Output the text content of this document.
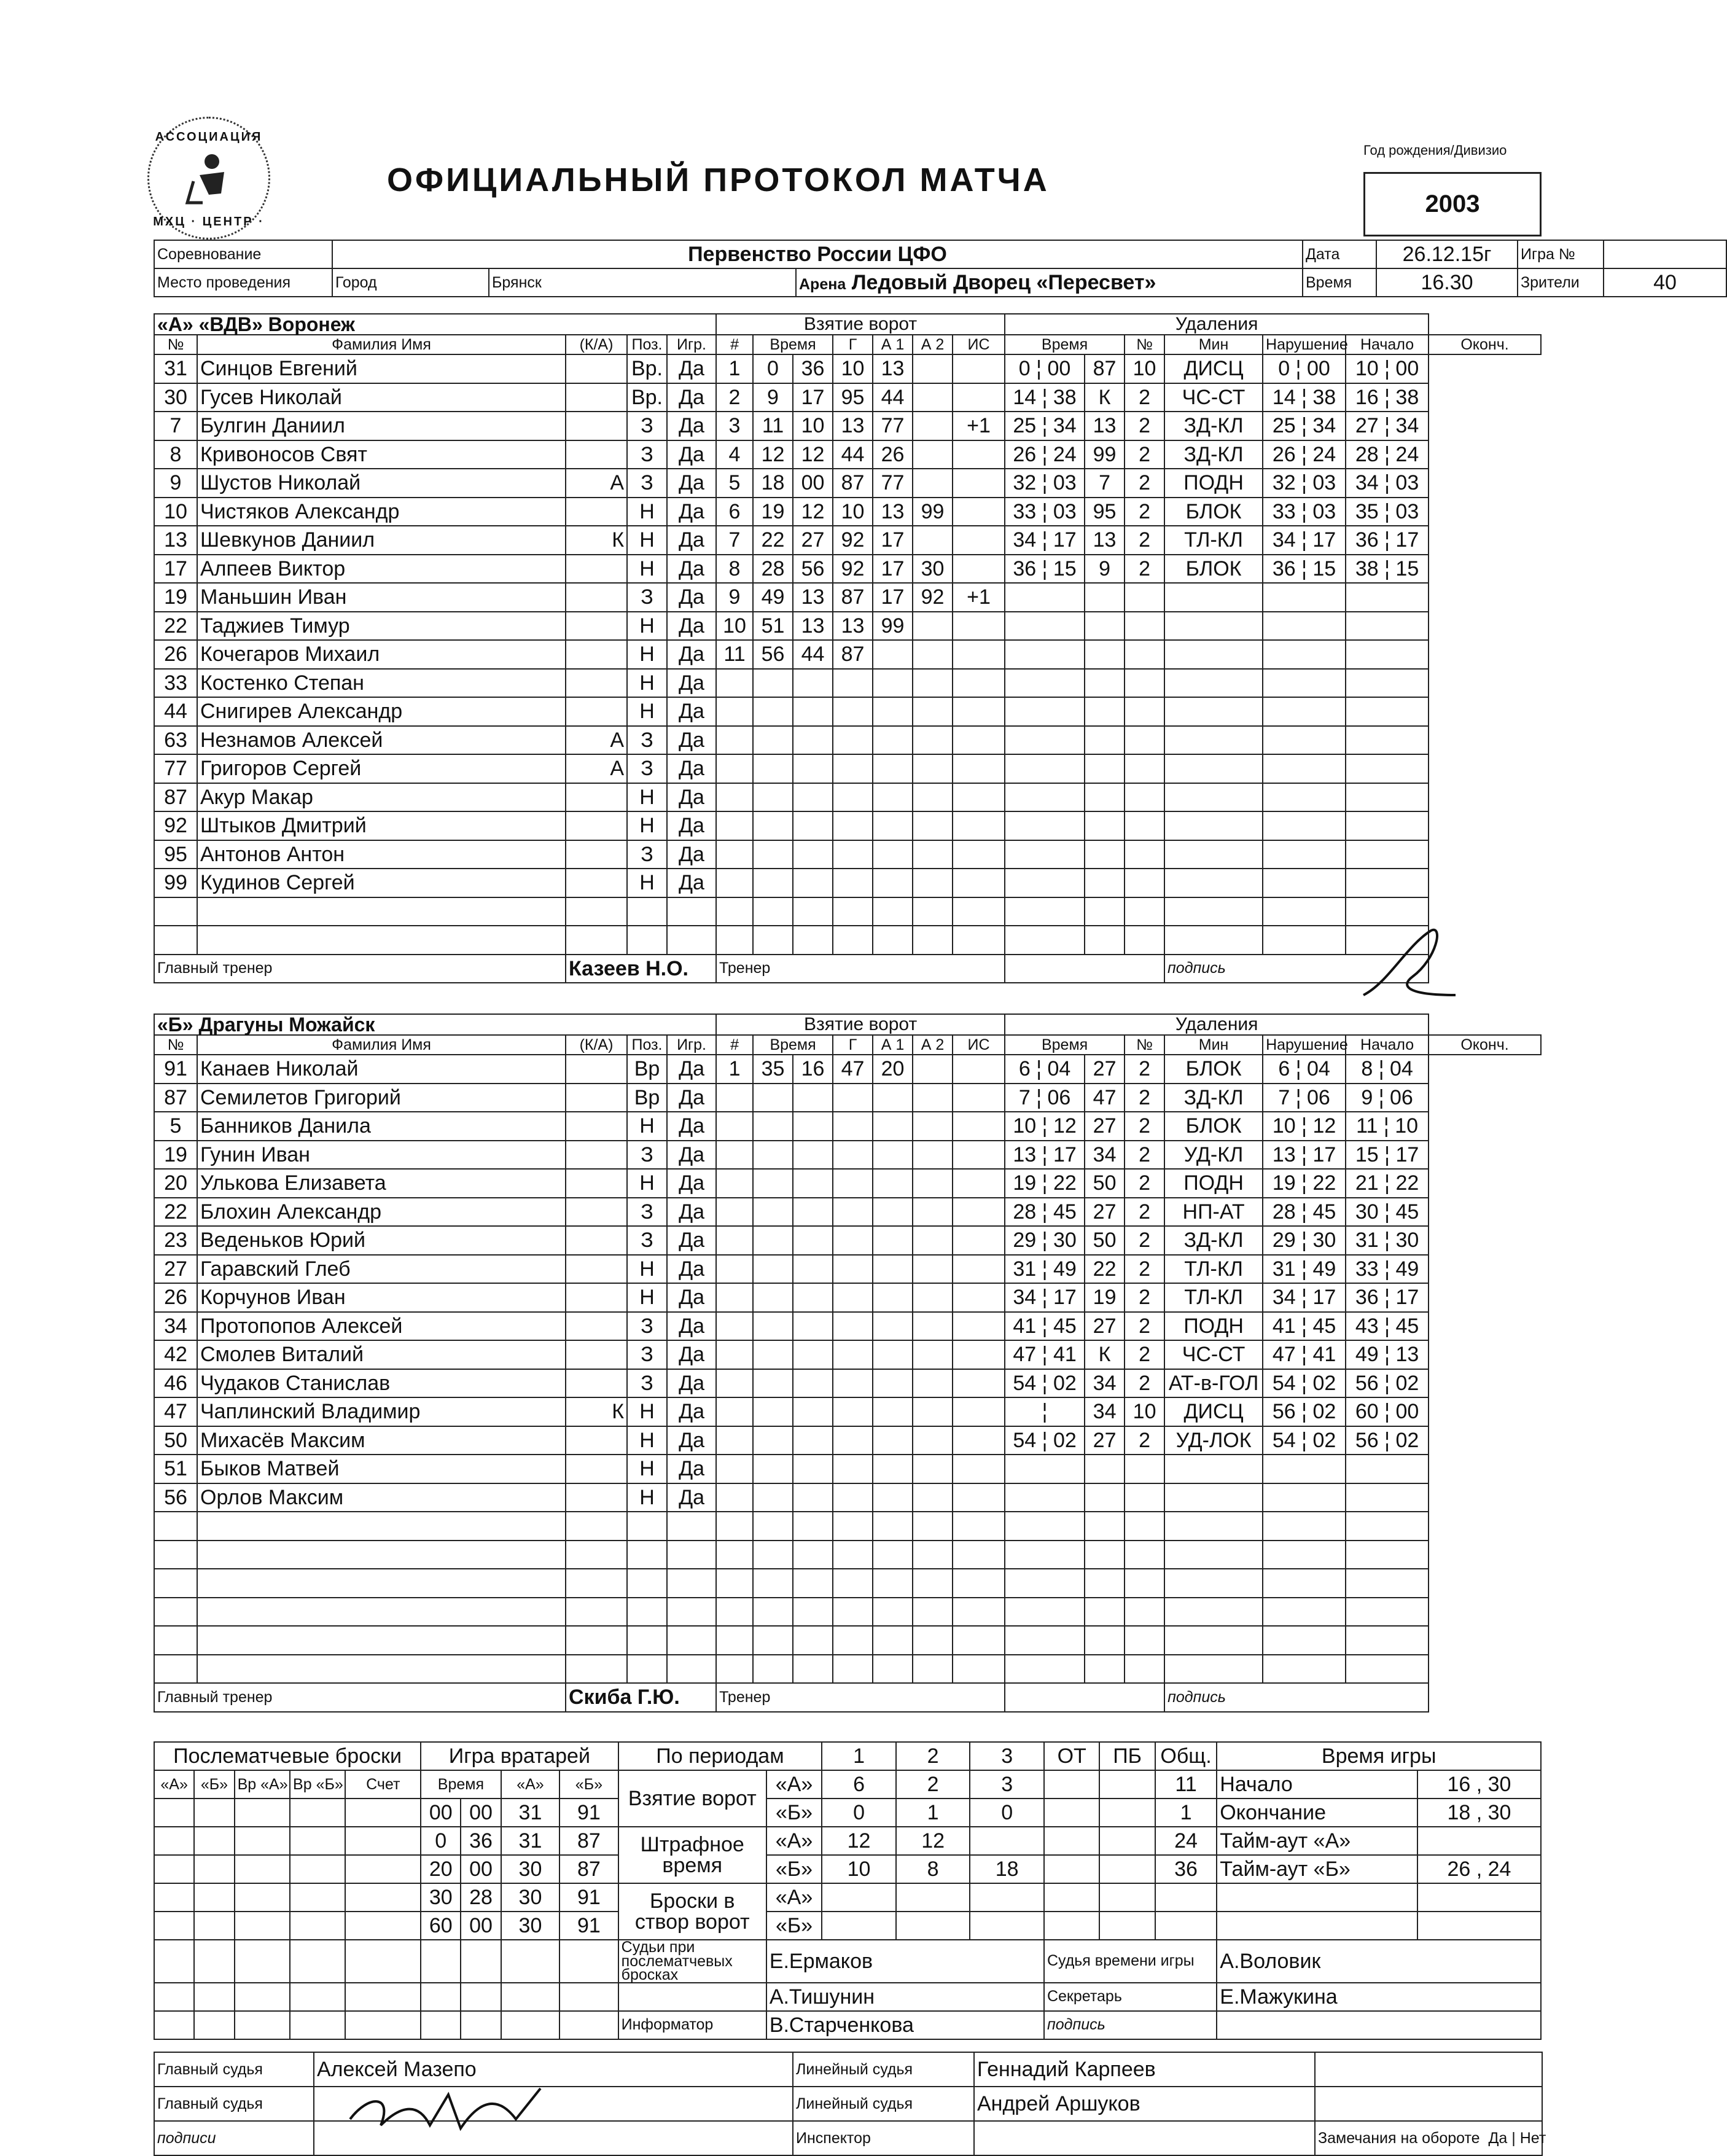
АССОЦИАЦИЯ
МХЦ · ЦЕНТР ·
ОФИЦИАЛЬНЫЙ ПРОТОКОЛ МАТЧА
Год рождения/Дивизио
2003
Соревнование	Первенство России ЦФО			Дата	26.12.15г	Игра №	
Место проведения	Город	Брянск	Арена Ледовый Дворец «Пересвет»	Время	16.30	Зрители	40
«А» «ВДВ» Воронеж					Взятие ворот							Удаления						
№	Фамилия Имя	(К/А)	Поз.	Игр.	#	Время		Г	А 1	А 2	ИС	Время		№	Мин	Нарушение	Начало	Оконч.
31	Синцов Евгений		Вр.	Да	1	0	36	10	13			0 ¦ 00	87	10	ДИСЦ	0 ¦ 00	10 ¦ 00	
30	Гусев Николай		Вр.	Да	2	9	17	95	44			14 ¦ 38	К	2	ЧС-СТ	14 ¦ 38	16 ¦ 38	
7	Булгин Даниил		З	Да	3	11	10	13	77		+1	25 ¦ 34	13	2	ЗД-КЛ	25 ¦ 34	27 ¦ 34	
8	Кривоносов Свят		З	Да	4	12	12	44	26			26 ¦ 24	99	2	ЗД-КЛ	26 ¦ 24	28 ¦ 24	
9	Шустов Николай	А	З	Да	5	18	00	87	77			32 ¦ 03	7	2	ПОДН	32 ¦ 03	34 ¦ 03	
10	Чистяков Александр		Н	Да	6	19	12	10	13	99		33 ¦ 03	95	2	БЛОК	33 ¦ 03	35 ¦ 03	
13	Шевкунов Даниил	К	Н	Да	7	22	27	92	17			34 ¦ 17	13	2	ТЛ-КЛ	34 ¦ 17	36 ¦ 17	
17	Алпеев Виктор		Н	Да	8	28	56	92	17	30		36 ¦ 15	9	2	БЛОК	36 ¦ 15	38 ¦ 15	
19	Маньшин Иван		З	Да	9	49	13	87	17	92	+1							
22	Таджиев Тимур		Н	Да	10	51	13	13	99									
26	Кочегаров Михаил		Н	Да	11	56	44	87										
33	Костенко Степан		Н	Да														
44	Снигирев Александр		Н	Да														
63	Незнамов Алексей	А	З	Да														
77	Григоров Сергей	А	З	Да														
87	Акур Макар		Н	Да														
92	Штыков Дмитрий		Н	Да														
95	Антонов Антон		З	Да														
99	Кудинов Сергей		Н	Да														

Главный тренер		Казеев Н.О.			Тренер										подпись			
«Б» Драгуны Можайск					Взятие ворот							Удаления						
№	Фамилия Имя	(К/А)	Поз.	Игр.	#	Время		Г	А 1	А 2	ИС	Время		№	Мин	Нарушение	Начало	Оконч.
91	Канаев Николай		Вр	Да	1	35	16	47	20			6 ¦ 04	27	2	БЛОК	6 ¦ 04	8 ¦ 04	
87	Семилетов Григорий		Вр	Да								7 ¦ 06	47	2	ЗД-КЛ	7 ¦ 06	9 ¦ 06	
5	Банников Данила		Н	Да								10 ¦ 12	27	2	БЛОК	10 ¦ 12	11 ¦ 10	
19	Гунин Иван		З	Да								13 ¦ 17	34	2	УД-КЛ	13 ¦ 17	15 ¦ 17	
20	Улькова Елизавета		Н	Да								19 ¦ 22	50	2	ПОДН	19 ¦ 22	21 ¦ 22	
22	Блохин Александр		З	Да								28 ¦ 45	27	2	НП-АТ	28 ¦ 45	30 ¦ 45	
23	Веденьков Юрий		З	Да								29 ¦ 30	50	2	ЗД-КЛ	29 ¦ 30	31 ¦ 30	
27	Гаравский Глеб		Н	Да								31 ¦ 49	22	2	ТЛ-КЛ	31 ¦ 49	33 ¦ 49	
26	Корчунов Иван		Н	Да								34 ¦ 17	19	2	ТЛ-КЛ	34 ¦ 17	36 ¦ 17	
34	Протопопов Алексей		З	Да								41 ¦ 45	27	2	ПОДН	41 ¦ 45	43 ¦ 45	
42	Смолев Виталий		З	Да								47 ¦ 41	К	2	ЧС-СТ	47 ¦ 41	49 ¦ 13	
46	Чудаков Станислав		З	Да								54 ¦ 02	34	2	АТ-в-ГОЛ	54 ¦ 02	56 ¦ 02	
47	Чаплинский Владимир	К	Н	Да								¦	34	10	ДИСЦ	56 ¦ 02	60 ¦ 00	
50	Михасёв Максим		Н	Да								54 ¦ 02	27	2	УД-ЛОК	54 ¦ 02	56 ¦ 02	
51	Быков Матвей		Н	Да														
56	Орлов Максим		Н	Да														

Главный тренер		Скиба Г.Ю.			Тренер										подпись			
Послематчевые броски					Игра вратарей				По периодам		1	2	3	ОТ	ПБ	Общ.	Время игры	
«А»	«Б»	Вр «А»	Вр «Б»	Счет	Время		«А»	«Б»	Взятие ворот	«А»	6	2	3			11	Начало	16 , 30
					00	00	31	91		«Б»	0	1	0			1	Окончание	18 , 30
					0	36	31	87	Штрафное время	«А»	12	12				24	Тайм-аут «А»	
					20	00	30	87		«Б»	10	8	18			36	Тайм-аут «Б»	26 , 24
					30	28	30	91	Броски в створ ворот	«А»								
					60	00	30	91		«Б»								
									Судьи при послематчевых бросках	Е.Ермаков				Судья времени игры			А.Воловик	
										А.Тишунин				Секретарь			Е.Мажукина	
									Информатор	В.Старченкова				подпись				
Главный судья	Алексей Мазепо	Линейный судья	Геннадий Карпеев	
Главный судья		Линейный судья	Андрей Аршуков	
подписи		Инспектор		Замечания на обороте Да | Нет
